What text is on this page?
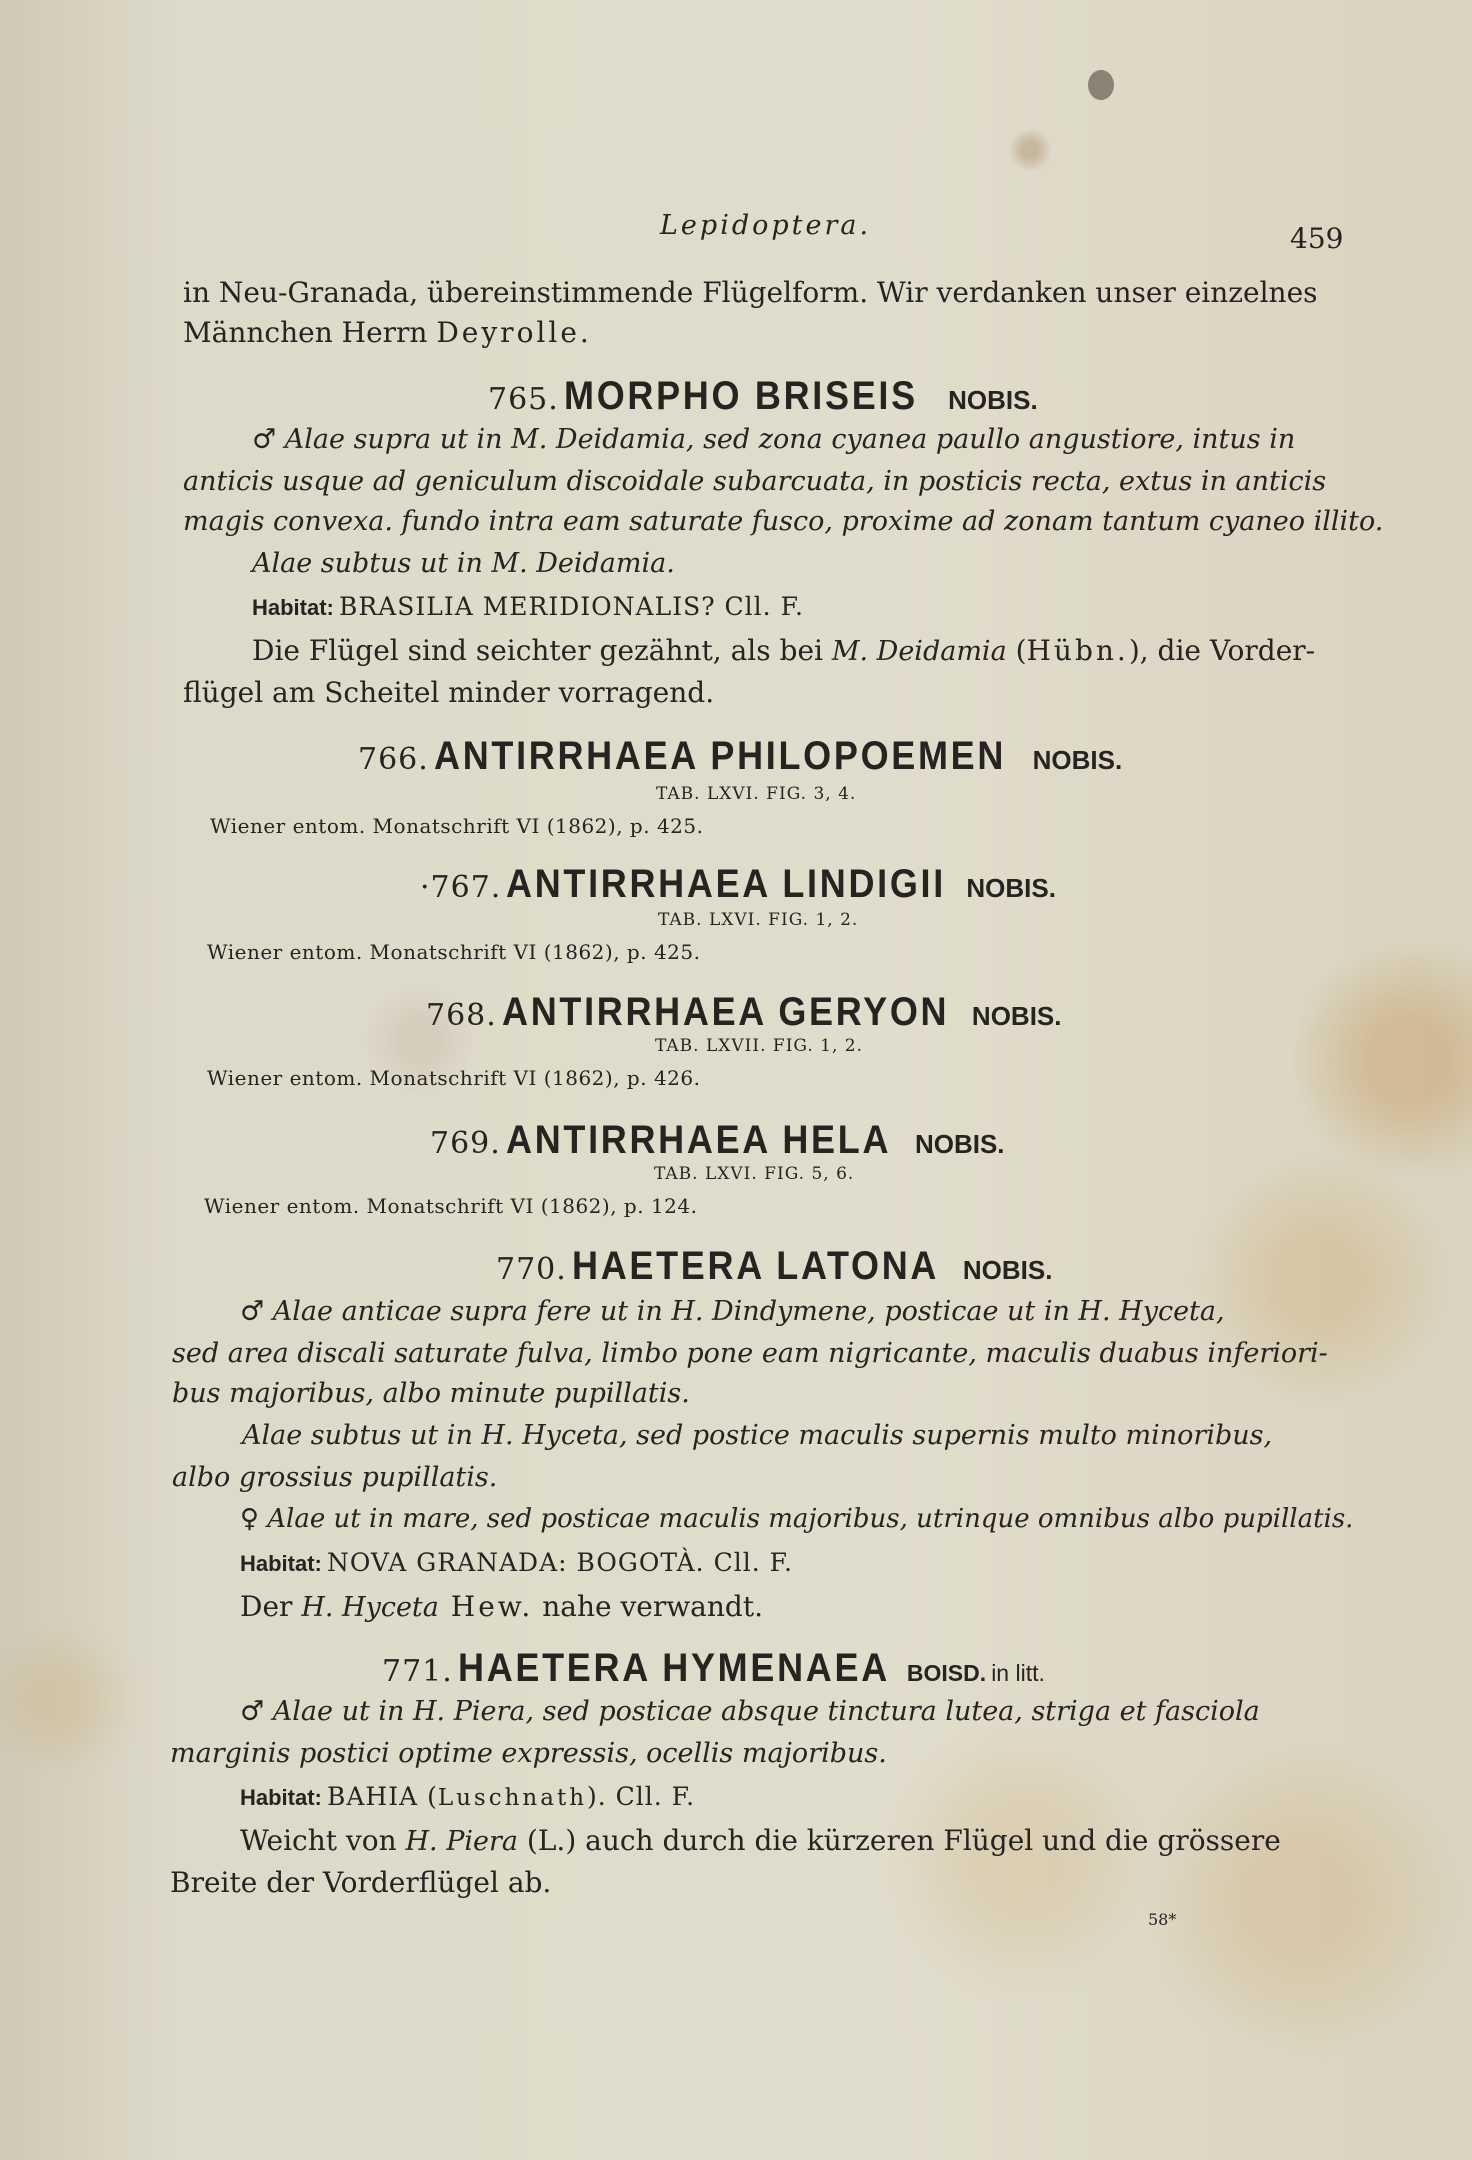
Lepidoptera.	459
in Neu-Granada, übereinstimmende Flügelform. Wir verdanken unser einzelnes
Männchen Herrn Deyrolle.
765. MORPHO BRISEIS NOBIS.
♂ Alae supra ut in M. Deidamia, sed zona cyanea paullo angustiore, intus in
anticis usque ad geniculum discoidale subarcuata, in posticis recta, extus in anticis
magis convexa. fundo intra eam saturate fusco, proxime ad zonam tantum cyaneo illito.
Alae subtus ut in M. Deidamia.
Habitat: BRASILIA MERIDIONALIS? Cll. F.
Die Flügel sind seichter gezähnt, als bei M. Deidamia (Hübn.), die Vorder-
flügel am Scheitel minder vorragend.
766. ANTIRRHAEA PHILOPOEMEN NOBIS.
TAB. LXVI. FIG. 3, 4.
Wiener entom. Monatschrift VI (1862), p. 425.
·767. ANTIRRHAEA LINDIGII NOBIS.
TAB. LXVI. FIG. 1, 2.
Wiener entom. Monatschrift VI (1862), p. 425.
768. ANTIRRHAEA GERYON NOBIS.
TAB. LXVII. FIG. 1, 2.
Wiener entom. Monatschrift VI (1862), p. 426.
769. ANTIRRHAEA HELA NOBIS.
TAB. LXVI. FIG. 5, 6.
Wiener entom. Monatschrift VI (1862), p. 124.
770. HAETERA LATONA NOBIS.
♂ Alae anticae supra fere ut in H. Dindymene, posticae ut in H. Hyceta,
sed area discali saturate fulva, limbo pone eam nigricante, maculis duabus inferiori-
bus majoribus, albo minute pupillatis.
Alae subtus ut in H. Hyceta, sed postice maculis supernis multo minoribus,
albo grossius pupillatis.
♀ Alae ut in mare, sed posticae maculis majoribus, utrinque omnibus albo pupillatis.
Habitat: NOVA GRANADA: BOGOTÀ. Cll. F.
Der H. Hyceta Hew. nahe verwandt.
771. HAETERA HYMENAEA BOISD. in litt.
♂ Alae ut in H. Piera, sed posticae absque tinctura lutea, striga et fasciola
marginis postici optime expressis, ocellis majoribus.
Habitat: BAHIA (Luschnath). Cll. F.
Weicht von H. Piera (L.) auch durch die kürzeren Flügel und die grössere
Breite der Vorderflügel ab.
58*
